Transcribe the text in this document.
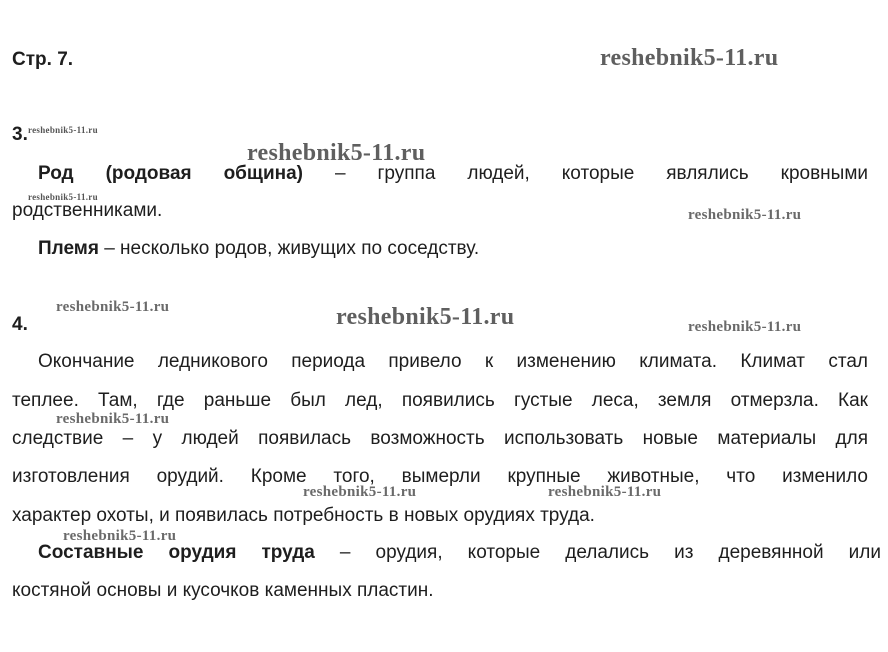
Стр. 7.
3.
Род (родовая община) – группа людей, которые являлись кровными
родственниками.
Племя – несколько родов, живущих по соседству.
4.
Окончание ледникового периода привело к изменению климата. Климат стал
теплее. Там, где раньше был лед, появились густые леса, земля отмерзла. Как
следствие – у людей появилась возможность использовать новые материалы для
изготовления орудий. Кроме того, вымерли крупные животные, что изменило
характер охоты, и появилась потребность в новых орудиях труда.
Составные орудия труда – орудия, которые делались из деревянной или
костяной основы и кусочков каменных пластин.
reshebnik5-11.ru
reshebnik5-11.ru
reshebnik5-11.ru
reshebnik5-11.ru
reshebnik5-11.ru
reshebnik5-11.ru	reshebnik5-11.ru	reshebnik5-11.ru
reshebnik5-11.ru
reshebnik5-11.ru	reshebnik5-11.ru
reshebnik5-11.ru
